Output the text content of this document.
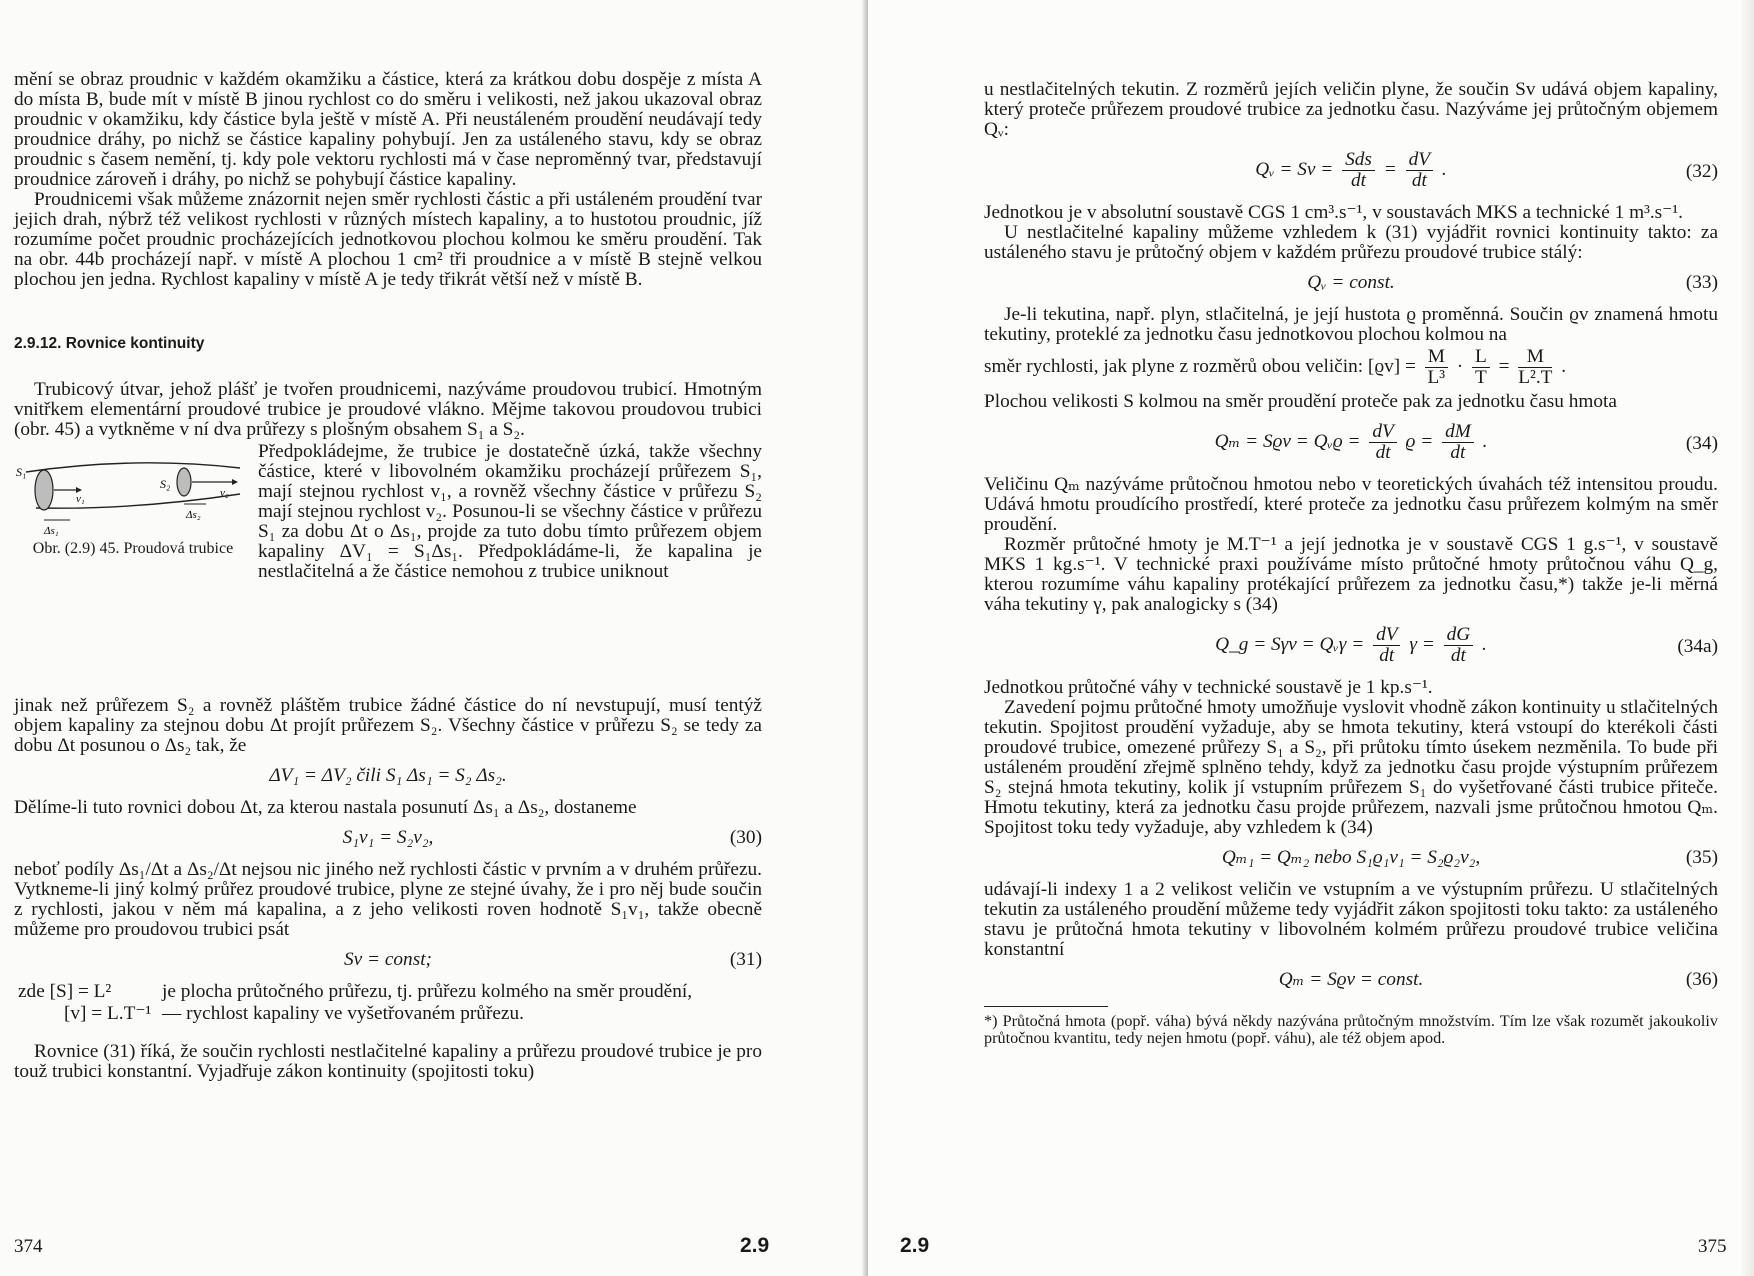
mění se obraz proudnic v každém okamžiku a částice, která za krátkou dobu dospěje z místa A do místa B, bude mít v místě B jinou rychlost co do směru i velikosti, než jakou ukazoval obraz proudnic v okamžiku, kdy částice byla ještě v místě A. Při neustáleném proudění neudávají tedy proudnice dráhy, po nichž se částice kapaliny pohybují. Jen za ustáleného stavu, kdy se obraz proudnic s časem nemění, tj. kdy pole vektoru rychlosti má v čase neproměnný tvar, představují proudnice zároveň i dráhy, po nichž se pohybují částice kapaliny.

Proudnicemi však můžeme znázornit nejen směr rychlosti částic a při ustáleném proudění tvar jejich drah, nýbrž též velikost rychlosti v různých místech kapaliny, a to hustotou proudnic, jíž rozumíme počet proudnic procházejících jednotkovou plochou kolmou ke směru proudění. Tak na obr. 44b procházejí např. v místě A plochou 1 cm² tři proudnice a v místě B stejně velkou plochou jen jedna. Rychlost kapaliny v místě A je tedy třikrát větší než v místě B.

2.9.12. Rovnice kontinuity

Trubicový útvar, jehož plášť je tvořen proudnicemi, nazýváme proudovou trubicí. Hmotným vnitřkem elementární proudové trubice je proudové vlákno. Mějme takovou proudovou trubici (obr. 45) a vytkněme v ní dva průřezy s plošným obsahem S₁ a S₂.

S₁
v₁
S₂
v₂
Δs₁
Δs₂
Obr. (2.9) 45. Proudová trubice
Předpokládejme, že trubice je dostatečně úzká, takže všechny částice, které v libovolném okamžiku procházejí průřezem S₁, mají stejnou rychlost v₁, a rovněž všechny částice v průřezu S₂ mají stejnou rychlost v₂. Posunou-li se všechny částice v průřezu S₁ za dobu Δt o Δs₁, projde za tuto dobu tímto průřezem objem kapaliny ΔV₁ = S₁Δs₁. Předpokládáme-li, že kapalina je nestlačitelná a že částice nemohou z trubice uniknout

jinak než průřezem S₂ a rovněž pláštěm trubice žádné částice do ní nevstupují, musí tentýž objem kapaliny za stejnou dobu Δt projít průřezem S₂. Všechny částice v průřezu S₂ se tedy za dobu Δt posunou o Δs₂ tak, že

ΔV₁ = ΔV₂ čili S₁ Δs₁ = S₂ Δs₂.

Dělíme-li tuto rovnici dobou Δt, za kterou nastala posunutí Δs₁ a Δs₂, dostaneme

S₁v₁ = S₂v₂,	(30)

neboť podíly Δs₁/Δt a Δs₂/Δt nejsou nic jiného než rychlosti částic v prvním a v druhém průřezu. Vytkneme-li jiný kolmý průřez proudové trubice, plyne ze stejné úvahy, že i pro něj bude součin z rychlosti, jakou v něm má kapalina, a z jeho velikosti roven hodnotě S₁v₁, takže obecně můžeme pro proudovou trubici psát

Sv = const;	(31)
zde [S] = L²	je plocha průtočného průřezu, tj. průřezu kolmého na směr proudění,
[v] = L.T⁻¹ — rychlost kapaliny ve vyšetřovaném průřezu.

Rovnice (31) říká, že součin rychlosti nestlačitelné kapaliny a průřezu proudové trubice je pro touž trubici konstantní. Vyjadřuje zákon kontinuity (spojitosti toku)

374	2.9

u nestlačitelných tekutin. Z rozměrů jejích veličin plyne, že součin Sv udává objem kapaliny, který proteče průřezem proudové trubice za jednotku času. Nazýváme jej průtočným objemem Qᵥ:

Qᵥ = $Sv = \frac{\text{Sds}}{dt} = \frac{dV}{dt}$ .	(32)

Jednotkou je v absolutní soustavě CGS 1 cm³.s⁻¹, v soustavách MKS a technické 1 m³.s⁻¹.

U nestlačitelné kapaliny můžeme vzhledem k (31) vyjádřit rovnici kontinuity takto: za ustáleného stavu je průtočný objem v každém průřezu proudové trubice stálý:

Qᵥ = const.	(33)

Je-li tekutina, např. plyn, stlačitelná, je její hustota ϱ proměnná. Součin ϱv znamená hmotu tekutiny, proteklé za jednotku času jednotkovou plochou kolmou na

směr rychlosti, jak plyne z rozměrů obou veličin: $[ϱv] = \frac{M}{\text{L³}} \cdot \frac{L}{T} = \frac{M}{\text{L².T}}$ .

Plochou velikosti S kolmou na směr proudění proteče pak za jednotku času hmota

Qₘ = Sϱv = Qᵥϱ = $\frac{dV}{dt}$ $ϱ = \frac{dM}{dt}$ .	(34)

Veličinu Qₘ nazýváme průtočnou hmotou nebo v teoretických úvahách též intensitou proudu. Udává hmotu proudícího prostředí, které proteče za jednotku času průřezem kolmým na směr proudění.

Rozměr průtočné hmoty je M.T⁻¹ a její jednotka je v soustavě CGS 1 g.s⁻¹, v soustavě MKS 1 kg.s⁻¹. V technické praxi používáme místo průtočné hmoty průtočnou váhu Q_g, kterou rozumíme váhu kapaliny protékající průřezem za jednotku času,*) takže je-li měrná váha tekutiny γ, pak analogicky s (34)

Q_g = Sγv = Qᵥγ = $\frac{dV}{dt}$ $\gamma = \frac{dG}{dt}$ .	(34a)

Jednotkou průtočné váhy v technické soustavě je 1 kp.s⁻¹.

Zavedení pojmu průtočné hmoty umožňuje vyslovit vhodně zákon kontinuity u stlačitelných tekutin. Spojitost proudění vyžaduje, aby se hmota tekutiny, která vstoupí do kterékoli části proudové trubice, omezené průřezy S₁ a S₂, při průtoku tímto úsekem nezměnila. To bude při ustáleném proudění zřejmě splněno tehdy, když za jednotku času projde výstupním průřezem S₂ stejná hmota tekutiny, kolik jí vstupním průřezem S₁ do vyšetřované části trubice přiteče. Hmotu tekutiny, která za jednotku času projde průřezem, nazvali jsme průtočnou hmotou Qₘ. Spojitost toku tedy vyžaduje, aby vzhledem k (34)

Qₘ₁ = Qₘ₂ nebo S₁ϱ₁v₁ = S₂ϱ₂v₂,	(35)

udávají-li indexy 1 a 2 velikost veličin ve vstupním a ve výstupním průřezu. U stlačitelných tekutin za ustáleného proudění můžeme tedy vyjádřit zákon spojitosti toku takto: za ustáleného stavu je průtočná hmota tekutiny v libovolném kolmém průřezu proudové trubice veličina konstantní

Qₘ = Sϱv = const.	(36)

*) Průtočná hmota (popř. váha) bývá někdy nazývána průtočným množstvím. Tím lze však rozumět jakoukoliv průtočnou kvantitu, tedy nejen hmotu (popř. váhu), ale též objem apod.

2.9	375
